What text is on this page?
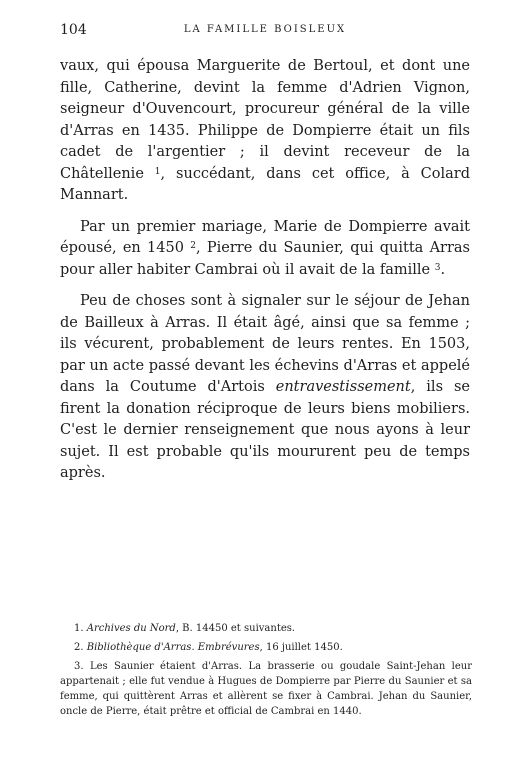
104	LA FAMILLE BOISLEUX

vaux, qui épousa Marguerite de Bertoul, et dont une fille, Catherine, devint la femme d'Adrien Vignon, seigneur d'Ouvencourt, procureur général de la ville d'Arras en 1435. Philippe de Dompierre était un fils cadet de l'argentier ; il devint receveur de la Châtellenie $^1$, succédant, dans cet office, à Colard Mannart.

Par un premier mariage, Marie de Dompierre avait épousé, en 1450 $^2$, Pierre du Saunier, qui quitta Arras pour aller habiter Cambrai où il avait de la famille $^3$.

Peu de choses sont à signaler sur le séjour de Jehan de Bailleux à Arras. Il était âgé, ainsi que sa femme ; ils vécurent, probablement de leurs rentes. En 1503, par un acte passé devant les échevins d'Arras et appelé dans la Coutume d'Artois entravestissement, ils se firent la donation réciproque de leurs biens mobiliers. C'est le dernier renseignement que nous ayons à leur sujet. Il est probable qu'ils moururent peu de temps après.

1. Archives du Nord, B. 14450 et suivantes.

2. Bibliothèque d'Arras. Embrévures, 16 juillet 1450.

3. Les Saunier étaient d'Arras. La brasserie ou goudale Saint-Jehan leur appartenait ; elle fut vendue à Hugues de Dompierre par Pierre du Saunier et sa femme, qui quittèrent Arras et allèrent se fixer à Cambrai. Jehan du Saunier, oncle de Pierre, était prêtre et official de Cambrai en 1440.
